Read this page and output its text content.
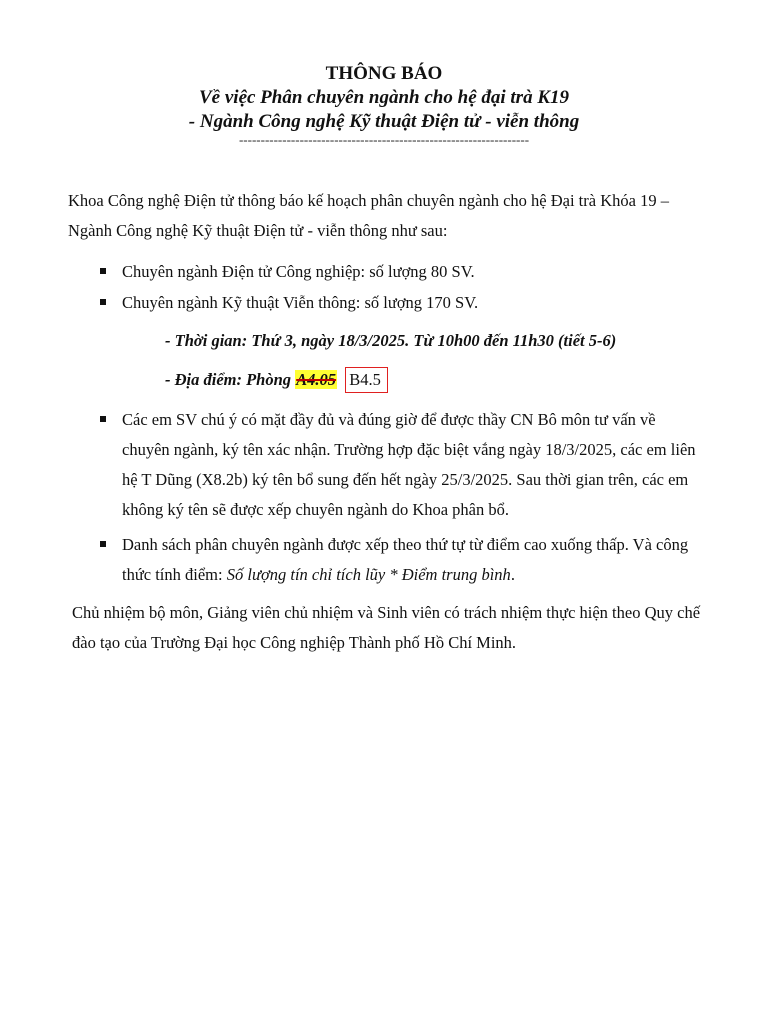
THÔNG BÁO

Về việc Phân chuyên ngành cho hệ đại trà K19

- Ngành Công nghệ Kỹ thuật Điện tử - viễn thông

-------------------------------------------------------------------
Khoa Công nghệ Điện tử thông báo kế hoạch phân chuyên ngành cho hệ Đại trà Khóa 19 – Ngành Công nghệ Kỹ thuật Điện tử - viễn thông như sau:
Chuyên ngành Điện tử Công nghiệp: số lượng 80 SV.
Chuyên ngành Kỹ thuật Viễn thông: số lượng 170 SV.
- Thời gian: Thứ 3, ngày 18/3/2025. Từ 10h00 đến 11h30 (tiết 5-6)
- Địa điểm: Phòng A4.05 B4.5
Các em SV chú ý có mặt đầy đủ và đúng giờ để được thầy CN Bô môn tư vấn về chuyên ngành, ký tên xác nhận. Trường hợp đặc biệt vắng ngày 18/3/2025, các em liên hệ T Dũng (X8.2b) ký tên bổ sung đến hết ngày 25/3/2025. Sau thời gian trên, các em không ký tên sẽ được xếp chuyên ngành do Khoa phân bổ.
Danh sách phân chuyên ngành được xếp theo thứ tự từ điểm cao xuống thấp. Và công thức tính điểm: Số lượng tín chỉ tích lũy * Điểm trung bình.
Chủ nhiệm bộ môn, Giảng viên chủ nhiệm và Sinh viên có trách nhiệm thực hiện theo Quy chế đào tạo của Trường Đại học Công nghiệp Thành phố Hồ Chí Minh.
